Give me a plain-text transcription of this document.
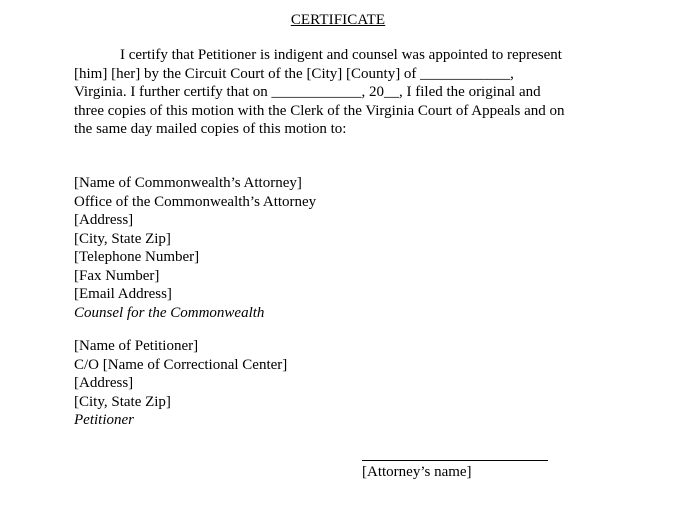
CERTIFICATE
I certify that Petitioner is indigent and counsel was appointed to represent
[him] [her] by the Circuit Court of the [City] [County] of ____________,
Virginia. I further certify that on ____________, 20__, I filed the original and
three copies of this motion with the Clerk of the Virginia Court of Appeals and on
the same day mailed copies of this motion to:
[Name of Commonwealth’s Attorney]
Office of the Commonwealth’s Attorney
[Address]
[City, State Zip]
[Telephone Number]
[Fax Number]
[Email Address]
Counsel for the Commonwealth
[Name of Petitioner]
C/O [Name of Correctional Center]
[Address]
[City, State Zip]
Petitioner
[Attorney’s name]
